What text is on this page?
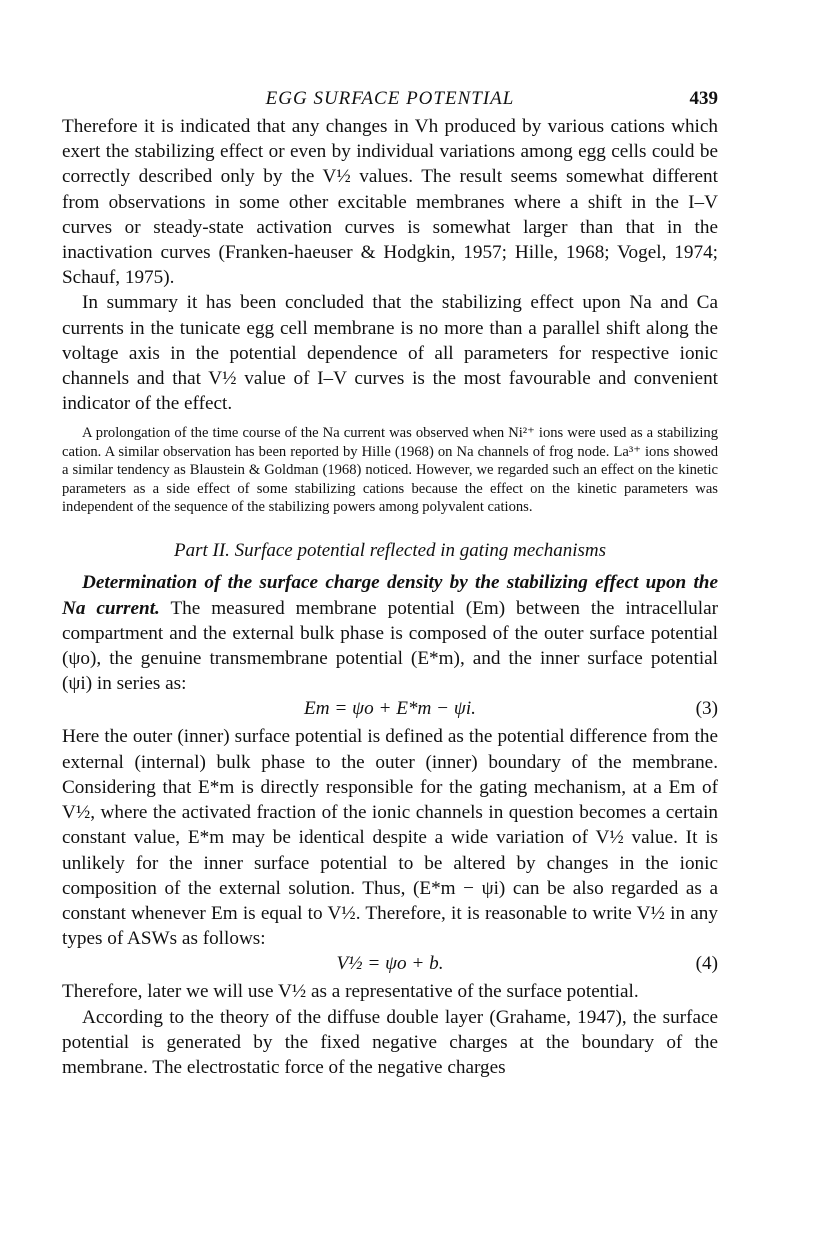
EGG SURFACE POTENTIAL	439

Therefore it is indicated that any changes in Vh produced by various cations which exert the stabilizing effect or even by individual variations among egg cells could be correctly described only by the V½ values. The result seems somewhat different from observations in some other excitable membranes where a shift in the I–V curves or steady-state activation curves is somewhat larger than that in the inactivation curves (Franken-haeuser & Hodgkin, 1957; Hille, 1968; Vogel, 1974; Schauf, 1975).

In summary it has been concluded that the stabilizing effect upon Na and Ca currents in the tunicate egg cell membrane is no more than a parallel shift along the voltage axis in the potential dependence of all parameters for respective ionic channels and that V½ value of I–V curves is the most favourable and convenient indicator of the effect.

A prolongation of the time course of the Na current was observed when Ni²⁺ ions were used as a stabilizing cation. A similar observation has been reported by Hille (1968) on Na channels of frog node. La³⁺ ions showed a similar tendency as Blaustein & Goldman (1968) noticed. However, we regarded such an effect on the kinetic parameters as a side effect of some stabilizing cations because the effect on the kinetic parameters was independent of the sequence of the stabilizing powers among polyvalent cations.

Part II. Surface potential reflected in gating mechanisms

Determination of the surface charge density by the stabilizing effect upon the Na current. The measured membrane potential (Em) between the intracellular compartment and the external bulk phase is composed of the outer surface potential (ψo), the genuine transmembrane potential (E*m), and the inner surface potential (ψi) in series as:

Em = ψo + E*m − ψi.	(3)

Here the outer (inner) surface potential is defined as the potential difference from the external (internal) bulk phase to the outer (inner) boundary of the membrane. Considering that E*m is directly responsible for the gating mechanism, at a Em of V½, where the activated fraction of the ionic channels in question becomes a certain constant value, E*m may be identical despite a wide variation of V½ value. It is unlikely for the inner surface potential to be altered by changes in the ionic composition of the external solution. Thus, (E*m − ψi) can be also regarded as a constant whenever Em is equal to V½. Therefore, it is reasonable to write V½ in any types of ASWs as follows:

V½ = ψo + b.	(4)

Therefore, later we will use V½ as a representative of the surface potential.

According to the theory of the diffuse double layer (Grahame, 1947), the surface potential is generated by the fixed negative charges at the boundary of the membrane. The electrostatic force of the negative charges
